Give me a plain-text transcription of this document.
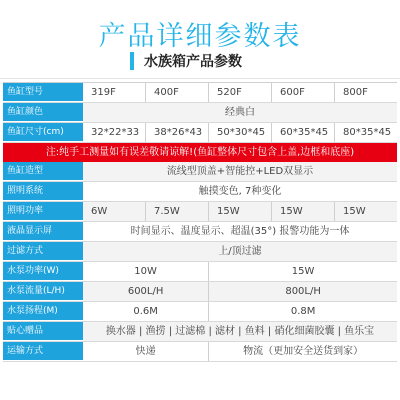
产品详细参数表
水族箱产品参数
鱼缸型号	319F	400F	520F	600F	800F
鱼缸颜色	经典白
鱼缸尺寸(cm)	32*22*33	38*26*43	50*30*45	60*35*45	80*35*45
注:纯手工测量如有误差敬请谅解!(鱼缸整体尺寸包含上盖,边框和底座)
鱼缸造型	流线型顶盖+智能控+LED双显示
照明系统	触摸变色, 7种变化
照明功率	6W	7.5W	15W	15W	15W
液晶显示屏	时间显示、温度显示、超温(35°) 报警功能为一体
过滤方式	上/顶过滤
水泵功率(W)	10W	15W
水泵流量(L/H)	600L/H	800L/H
水泵扬程(M)	0.6M	0.8M
贴心赠品	换水器 | 渔捞 | 过滤棉 | 滤材 | 鱼料 | 硝化细菌胶囊 | 鱼乐宝
运输方式	快递	物流（更加安全送货到家）
